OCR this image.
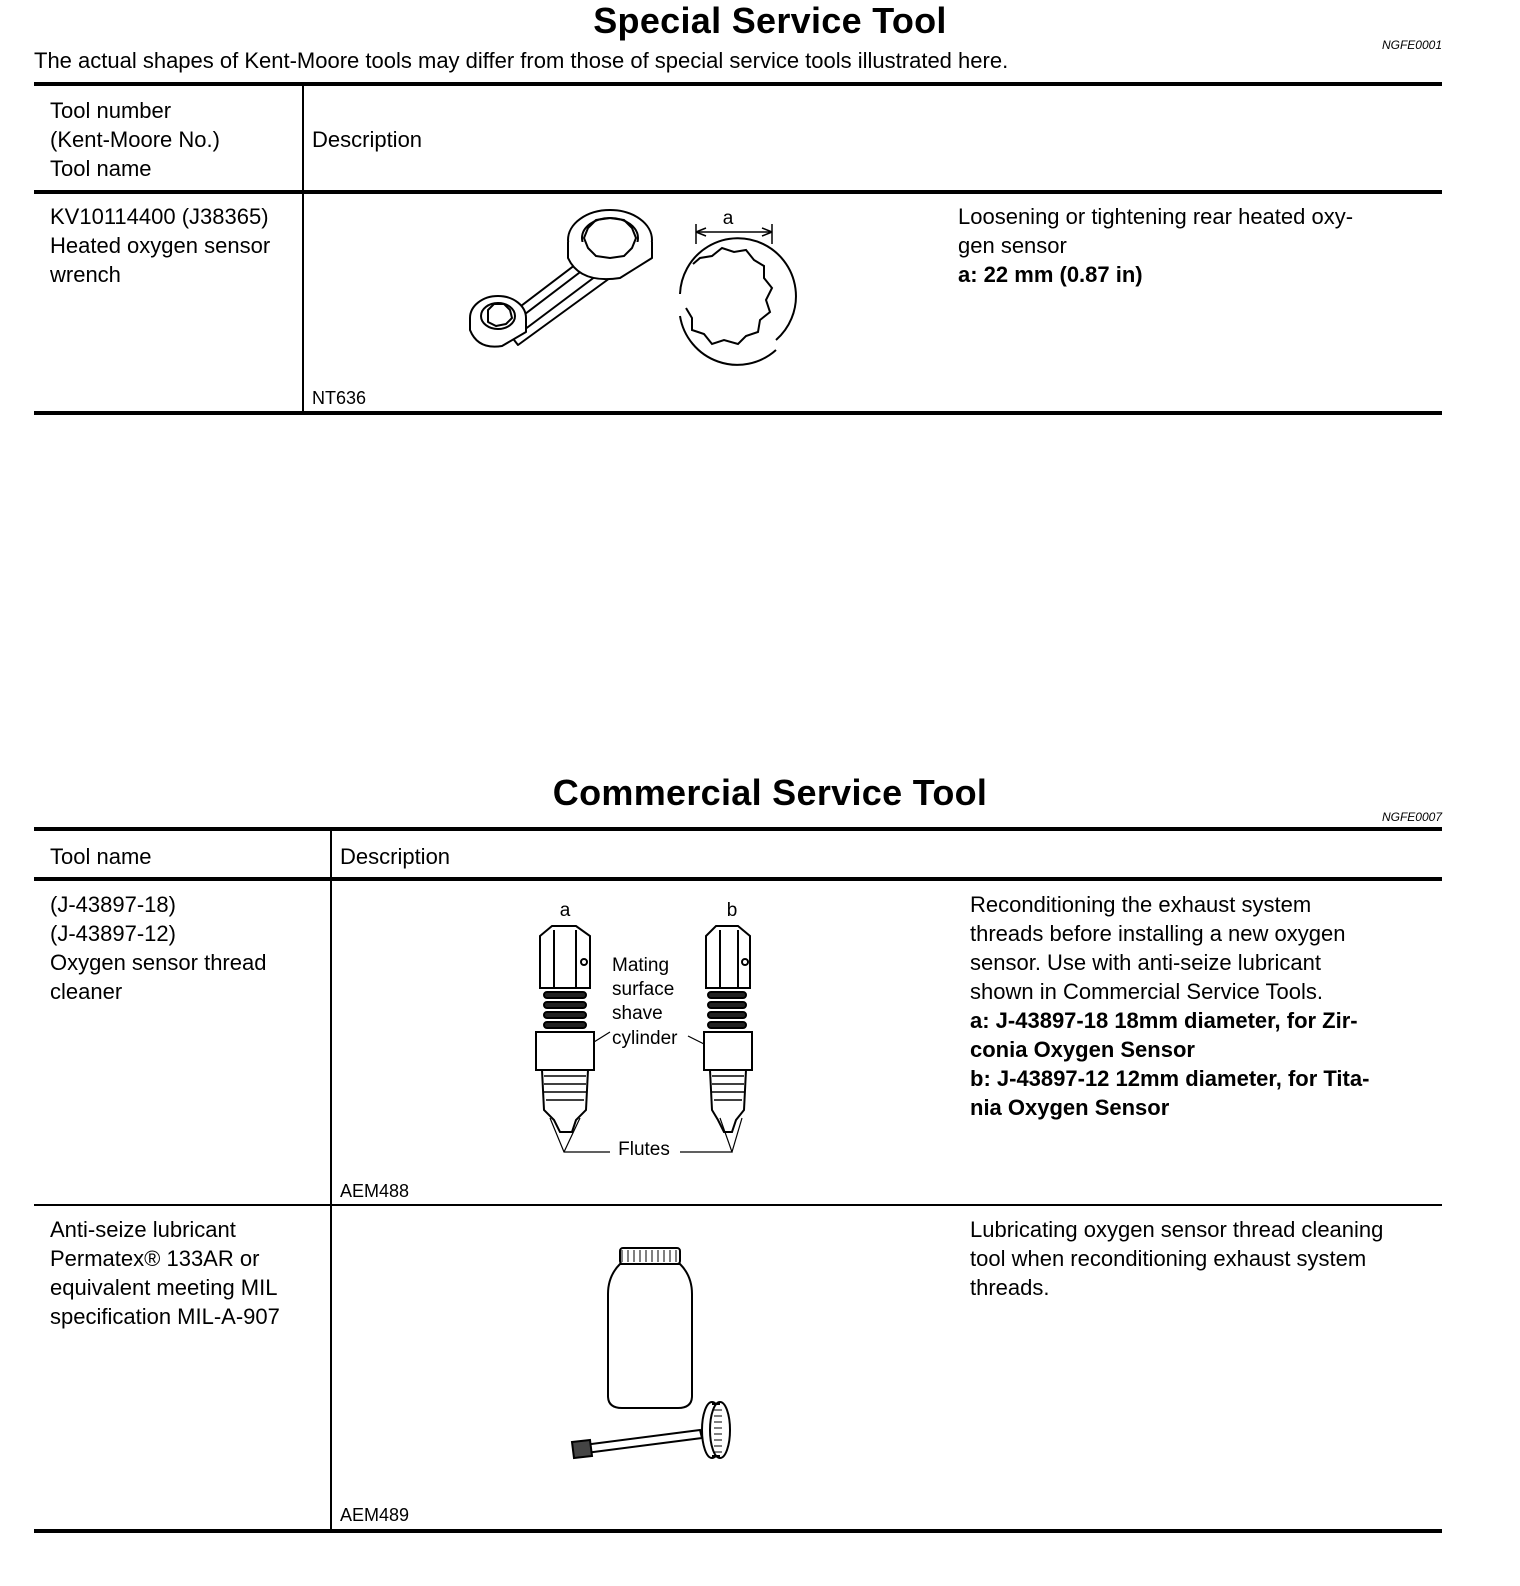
Special Service Tool
NGFE0001
The actual shapes of Kent-Moore tools may differ from those of special service tools illustrated here.
Tool number
(Kent-Moore No.)
Tool name
Description
KV10114400 (J38365)
Heated oxygen sensor
wrench
a
NT636
Loosening or tightening rear heated oxy-
gen sensor
a: 22 mm (0.87 in)
Commercial Service Tool
NGFE0007
Tool name	Description
(J-43897-18)
(J-43897-12)
Oxygen sensor thread
cleaner
a	b
Mating
surface
shave
cylinder
Flutes
AEM488
Reconditioning the exhaust system
threads before installing a new oxygen
sensor. Use with anti-seize lubricant
shown in Commercial Service Tools.
a: J-43897-18 18mm diameter, for Zir-
conia Oxygen Sensor
b: J-43897-12 12mm diameter, for Tita-
nia Oxygen Sensor
Anti-seize lubricant
Permatex® 133AR or
equivalent meeting MIL
specification MIL-A-907
AEM489
Lubricating oxygen sensor thread cleaning
tool when reconditioning exhaust system
threads.
